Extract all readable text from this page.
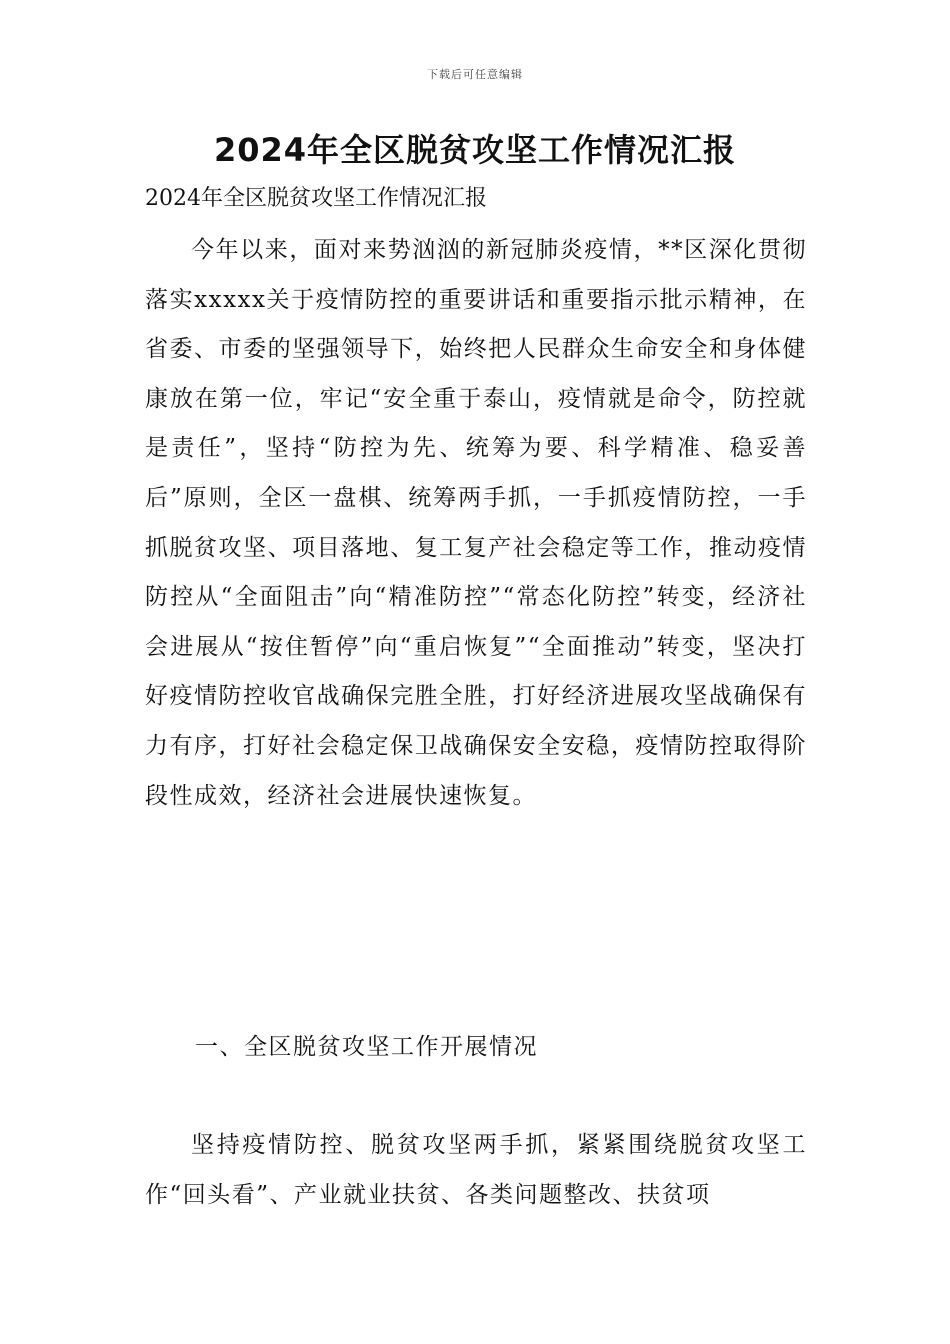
下载后可任意编辑
2024年全区脱贫攻坚工作情况汇报

2024年全区脱贫攻坚工作情况汇报

今年以来，面对来势汹汹的新冠肺炎疫情，**区深化贯彻落实xxxxx关于疫情防控的重要讲话和重要指示批示精神，在省委、市委的坚强领导下，始终把人民群众生命安全和身体健康放在第一位，牢记“安全重于泰山，疫情就是命令，防控就是责任”，坚持“防控为先、统筹为要、科学精准、稳妥善后”原则，全区一盘棋、统筹两手抓，一手抓疫情防控，一手抓脱贫攻坚、项目落地、复工复产社会稳定等工作，推动疫情防控从“全面阻击”向“精准防控”“常态化防控”转变，经济社会进展从“按住暂停”向“重启恢复”“全面推动”转变，坚决打好疫情防控收官战确保完胜全胜，打好经济进展攻坚战确保有力有序，打好社会稳定保卫战确保安全安稳，疫情防控取得阶段性成效，经济社会进展快速恢复。

一、全区脱贫攻坚工作开展情况

坚持疫情防控、脱贫攻坚两手抓，紧紧围绕脱贫攻坚工作“回头看”、产业就业扶贫、各类问题整改、扶贫项
